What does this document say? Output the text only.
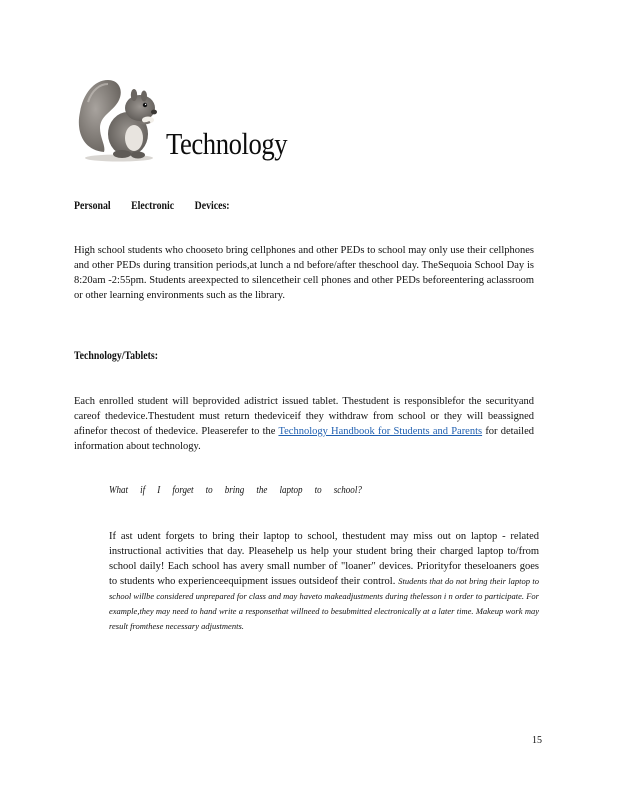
Technology
Personal Electronic Devices:
High school students who chooseto bring cellphones and other PEDs to school may only use their cellphones and other PEDs during transition periods,at lunch a nd before/after theschool day. TheSequoia School Day is 8:20am -2:55pm. Students areexpected to silencetheir cell phones and other PEDs beforeentering aclassroom or other learning environments such as the library.
Technology/Tablets:
Each enrolled student will beprovided adistrict issued tablet. Thestudent is responsiblefor the securityand careof thedevice.Thestudent must return thedeviceif they withdraw from school or they will beassigned afinefor thecost of thedevice. Pleaserefer to the Technology Handbook for Students and Parents for detailed information about technology.
What if I forget to bring the laptop to school?
If ast udent forgets to bring their laptop to school, thestudent may miss out on laptop - related instructional activities that day. Pleasehelp us help your student bring their charged laptop to/from school daily! Each school has avery small number of "loaner" devices. Priorityfor theseloaners goes to students who experienceequipment issues outsideof their control. Students that do not bring their laptop to school willbe considered unprepared for class and may haveto makeadjustments during thelesson i n order to participate. For example,they may need to hand write a responsethat willneed to besubmitted electronically at a later time. Makeup work may result fromthese necessary adjustments.
15
